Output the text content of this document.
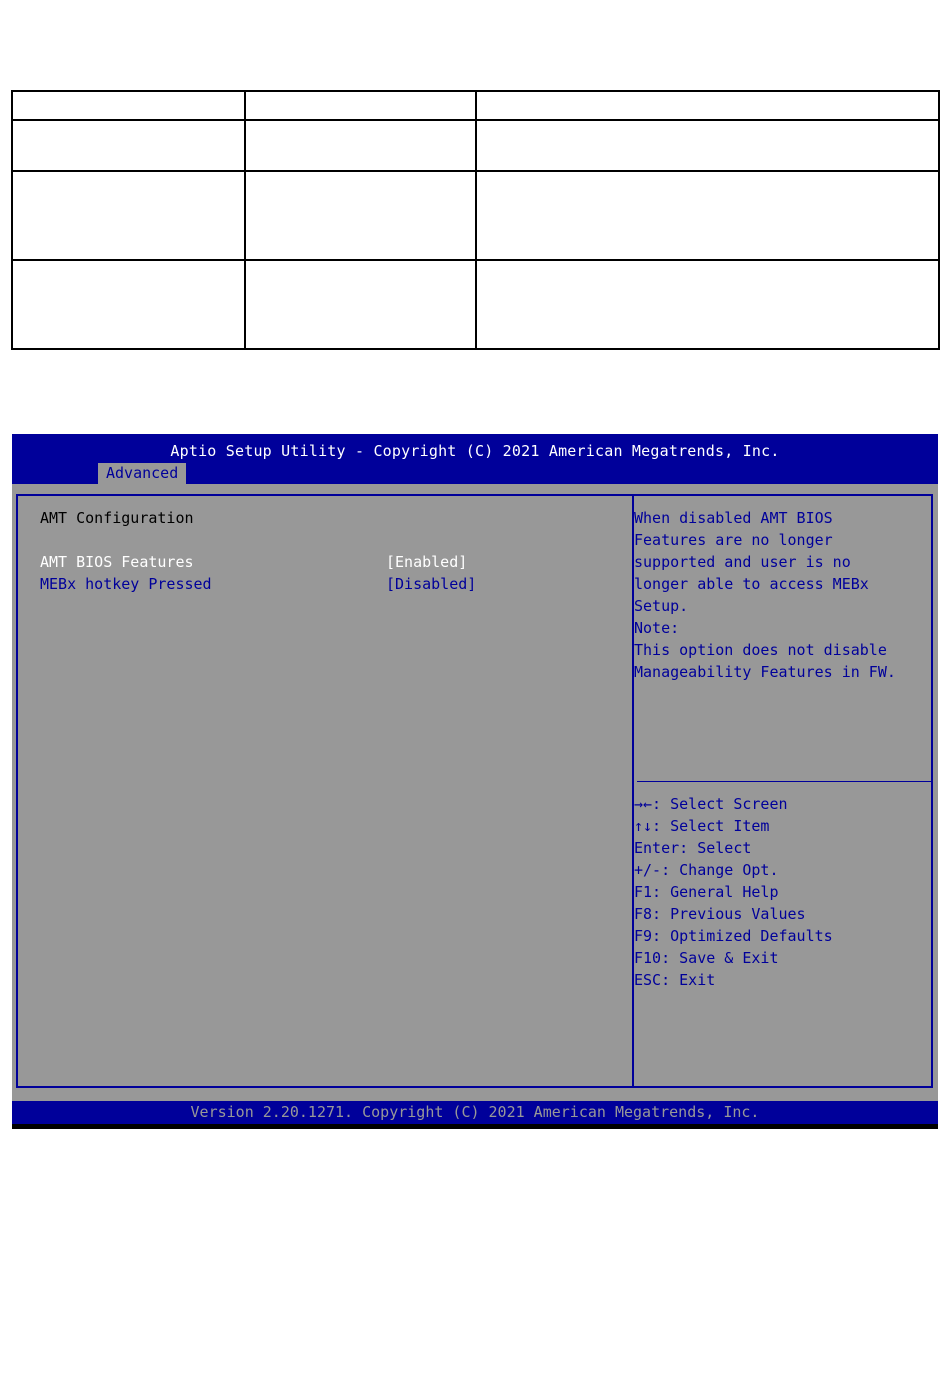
Aptio Setup Utility - Copyright (C) 2021 American Megatrends, Inc.
Advanced
AMT Configuration
AMT BIOS Features	[Enabled]
MEBx hotkey Pressed	[Disabled]
When disabled AMT BIOS
Features are no longer
supported and user is no
longer able to access MEBx
Setup.
Note:
This option does not disable
Manageability Features in FW.
→←: Select Screen
↑↓: Select Item
Enter: Select
+/-: Change Opt.
F1: General Help
F8: Previous Values
F9: Optimized Defaults
F10: Save & Exit
ESC: Exit
Version 2.20.1271. Copyright (C) 2021 American Megatrends, Inc.
